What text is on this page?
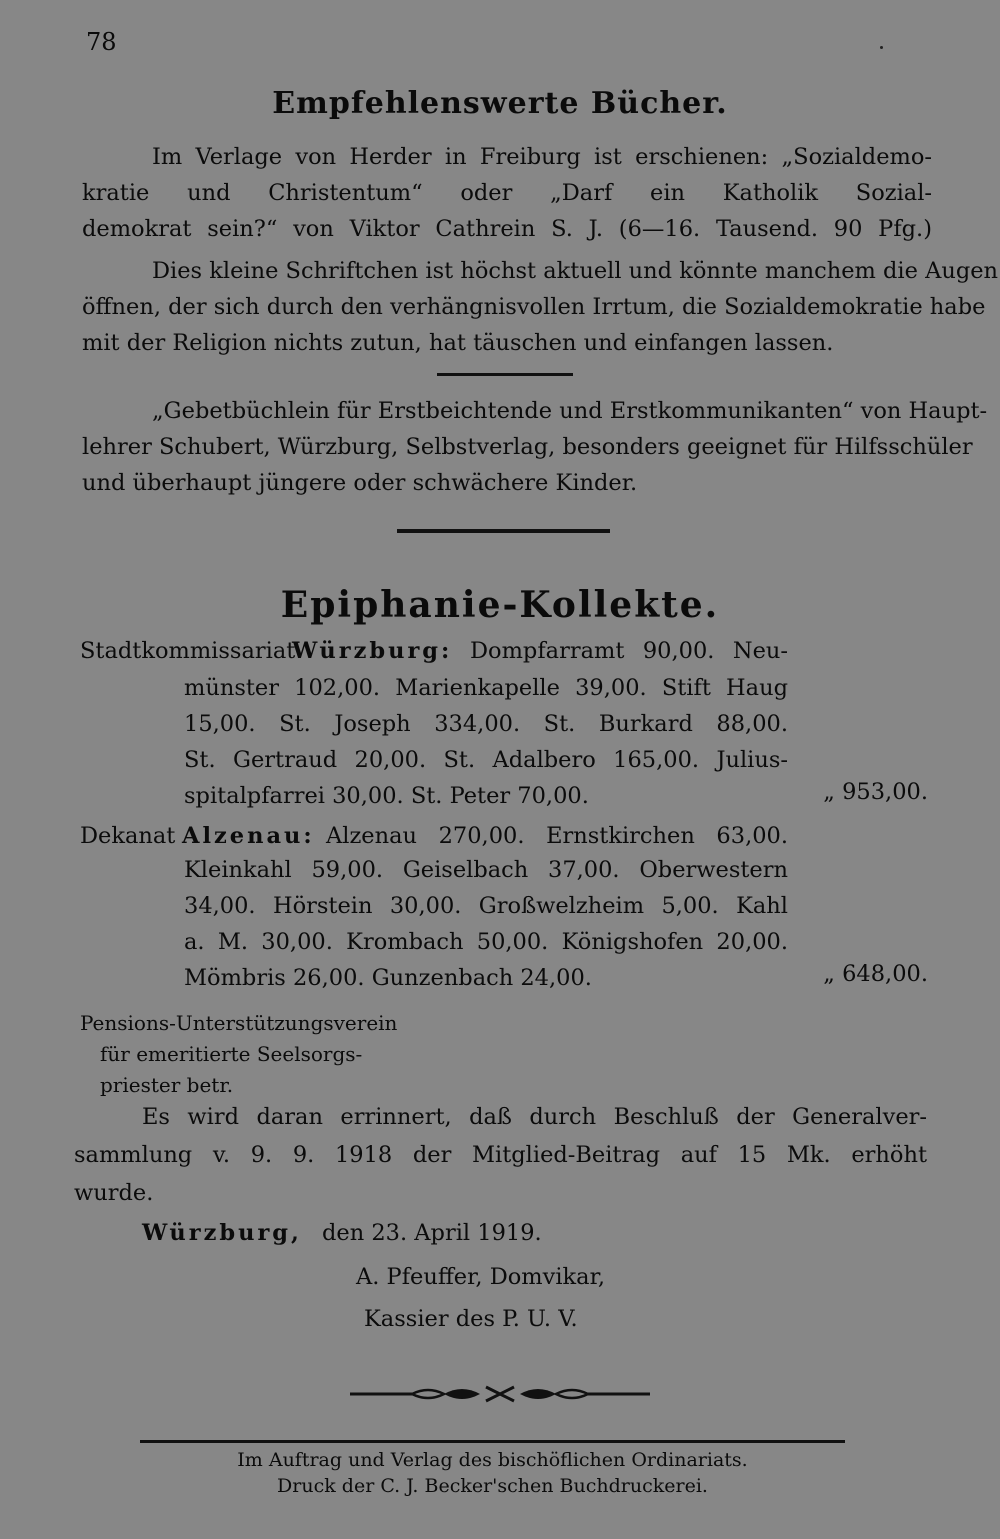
78
Empfehlenswerte Bücher.
Im Verlage von Herder in Freiburg ist erschienen: „Sozialdemo-
kratie und Christentum“ oder „Darf ein Katholik Sozial-
demokrat sein?“ von Viktor Cathrein S. J. (6—16. Tausend. 90 Pfg.)
Dies kleine Schriftchen ist höchst aktuell und könnte manchem die Augen
öffnen, der sich durch den verhängnisvollen Irrtum, die Sozialdemokratie habe
mit der Religion nichts zutun, hat täuschen und einfangen lassen.
„Gebetbüchlein für Erstbeichtende und Erstkommunikanten“ von Haupt-
lehrer Schubert, Würzburg, Selbstverlag, besonders geeignet für Hilfsschüler
und überhaupt jüngere oder schwächere Kinder.
Epiphanie-Kollekte.
Stadtkommissariat
Würzburg: Dompfarramt 90,00. Neu-
münster 102,00. Marienkapelle 39,00. Stift Haug
15,00. St. Joseph 334,00. St. Burkard 88,00.
St. Gertraud 20,00. St. Adalbero 165,00. Julius-
spitalpfarrei 30,00. St. Peter 70,00.	„ 953,00.
Dekanat Alzenau: Alzenau 270,00. Ernstkirchen 63,00.
Kleinkahl 59,00. Geiselbach 37,00. Oberwestern
34,00. Hörstein 30,00. Großwelzheim 5,00. Kahl
a. M. 30,00. Krombach 50,00. Königshofen 20,00.
Mömbris 26,00. Gunzenbach 24,00.	„ 648,00.
Pensions-Unterstützungsverein
für emeritierte Seelsorgs-
priester betr.
Es wird daran errinnert, daß durch Beschluß der Generalver-
sammlung v. 9. 9. 1918 der Mitglied-Beitrag auf 15 Mk. erhöht
wurde.
Würzburg, den 23. April 1919.
A. Pfeuffer, Domvikar,
Kassier des P. U. V.
Im Auftrag und Verlag des bischöflichen Ordinariats.
Druck der C. J. Becker'schen Buchdruckerei.
